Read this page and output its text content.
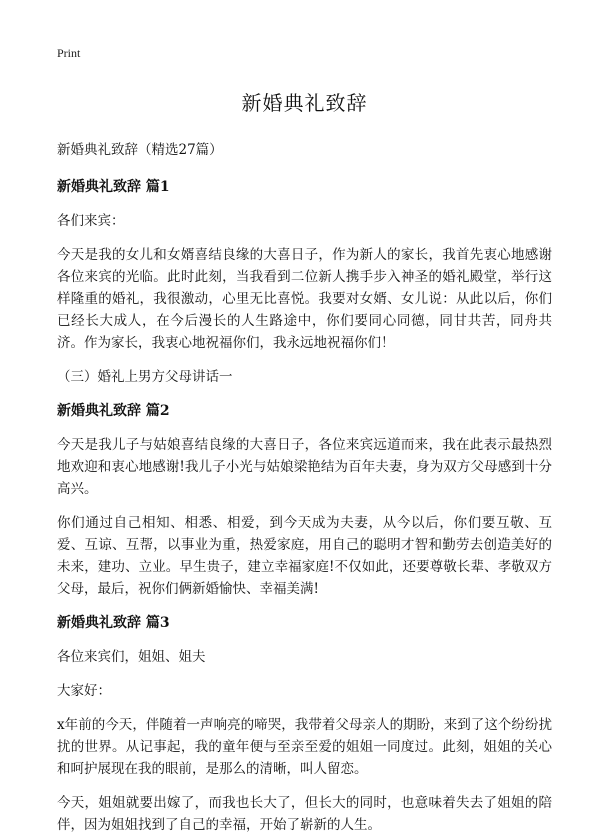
Print
新婚典礼致辞
新婚典礼致辞（精选27篇）
新婚典礼致辞 篇1

各们来宾：

今天是我的女儿和女婿喜结良缘的大喜日子，作为新人的家长，我首先衷心地感谢各位来宾的光临。此时此刻，当我看到二位新人携手步入神圣的婚礼殿堂，举行这样隆重的婚礼，我很激动，心里无比喜悦。我要对女婿、女儿说：从此以后，你们已经长大成人，在今后漫长的人生路途中，你们要同心同德，同甘共苦，同舟共济。作为家长，我衷心地祝福你们，我永远地祝福你们！

（三）婚礼上男方父母讲话一

新婚典礼致辞 篇2

今天是我儿子与姑娘喜结良缘的大喜日子，各位来宾远道而来，我在此表示最热烈地欢迎和衷心地感谢!我儿子小光与姑娘梁艳结为百年夫妻，身为双方父母感到十分高兴。

你们通过自己相知、相悉、相爱，到今天成为夫妻，从今以后，你们要互敬、互爱、互谅、互帮，以事业为重，热爱家庭，用自己的聪明才智和勤劳去创造美好的未来，建功、立业。早生贵子，建立幸福家庭!不仅如此，还要尊敬长辈、孝敬双方父母，最后，祝你们俩新婚愉快、幸福美满!

新婚典礼致辞 篇3

各位来宾们，姐姐、姐夫

大家好：

x年前的今天，伴随着一声响亮的啼哭，我带着父母亲人的期盼，来到了这个纷纷扰扰的世界。从记事起，我的童年便与至亲至爱的姐姐一同度过。此刻，姐姐的关心和呵护展现在我的眼前，是那么的清晰，叫人留恋。

今天，姐姐就要出嫁了，而我也长大了，但长大的同时，也意味着失去了姐姐的陪伴，因为姐姐找到了自己的幸福，开始了崭新的人生。
